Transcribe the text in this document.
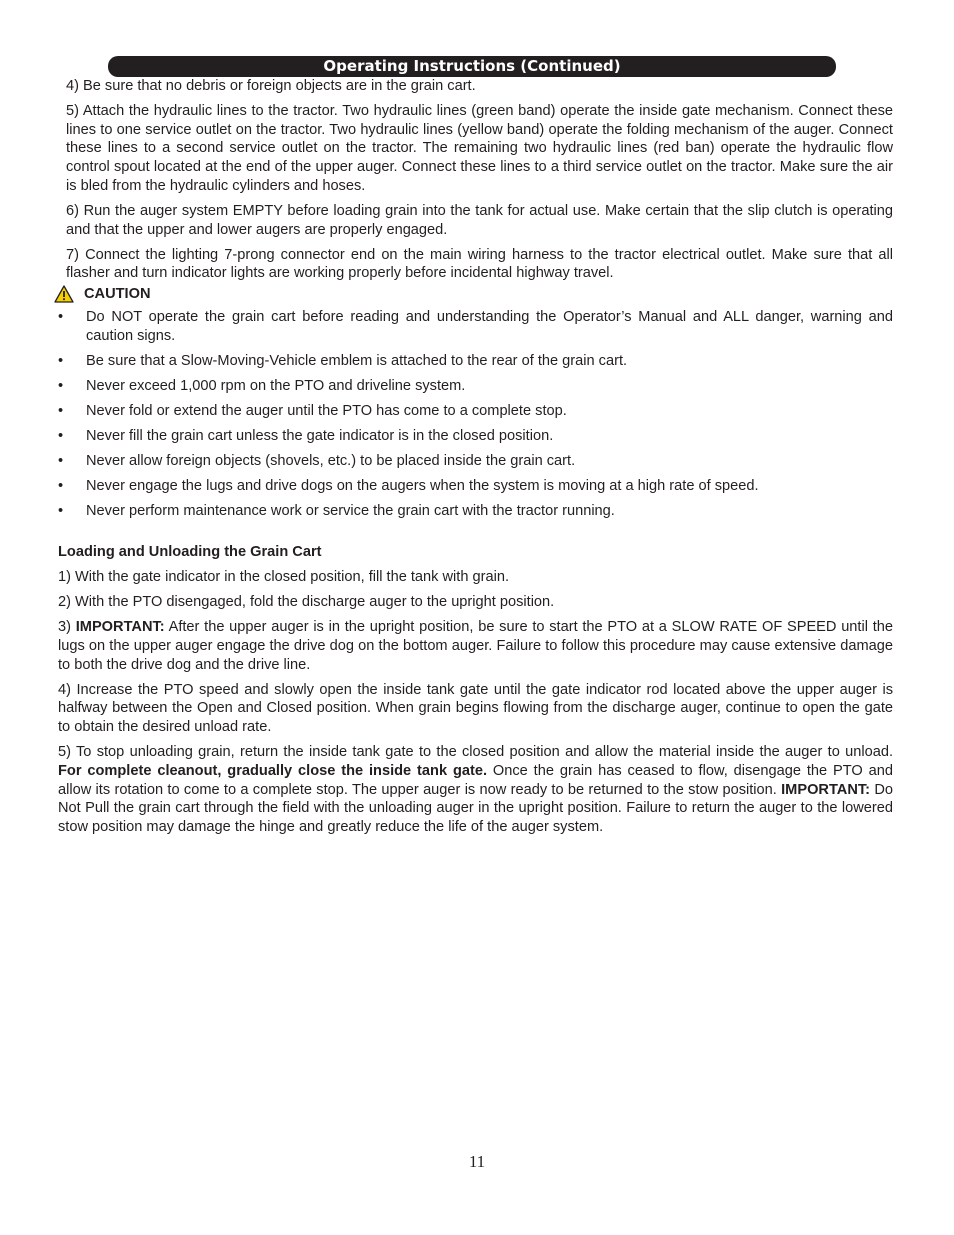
Operating Instructions (Continued)

4) Be sure that no debris or foreign objects are in the grain cart.

5) Attach the hydraulic lines to the tractor. Two hydraulic lines (green band) operate the inside gate mechanism. Connect these lines to one service outlet on the tractor. Two hydraulic lines (yellow band) operate the folding mechanism of the auger. Connect these lines to a second service outlet on the tractor. The remaining two hydraulic lines (red ban) operate the hydraulic flow control spout located at the end of the upper auger. Connect these lines to a third service outlet on the tractor. Make sure the air is bled from the hydraulic cylinders and hoses.

6) Run the auger system EMPTY before loading grain into the tank for actual use. Make certain that the slip clutch is operating and that the upper and lower augers are properly engaged.

7) Connect the lighting 7-prong connector end on the main wiring harness to the tractor electrical outlet. Make sure that all flasher and turn indicator lights are working properly before incidental highway travel.

CAUTION
• Do NOT operate the grain cart before reading and understanding the Operator’s Manual and ALL danger, warning and caution signs.
• Be sure that a Slow-Moving-Vehicle emblem is attached to the rear of the grain cart.
• Never exceed 1,000 rpm on the PTO and driveline system.
• Never fold or extend the auger until the PTO has come to a complete stop.
• Never fill the grain cart unless the gate indicator is in the closed position.
• Never allow foreign objects (shovels, etc.) to be placed inside the grain cart.
• Never engage the lugs and drive dogs on the augers when the system is moving at a high rate of speed.
• Never perform maintenance work or service the grain cart with the tractor running.

Loading and Unloading the Grain Cart

1) With the gate indicator in the closed position, fill the tank with grain.

2) With the PTO disengaged, fold the discharge auger to the upright position.

3) IMPORTANT: After the upper auger is in the upright position, be sure to start the PTO at a SLOW RATE OF SPEED until the lugs on the upper auger engage the drive dog on the bottom auger. Failure to follow this procedure may cause extensive damage to both the drive dog and the drive line.

4) Increase the PTO speed and slowly open the inside tank gate until the gate indicator rod located above the upper auger is halfway between the Open and Closed position. When grain begins flowing from the discharge auger, continue to open the gate to obtain the desired unload rate.

5) To stop unloading grain, return the inside tank gate to the closed position and allow the material inside the auger to unload. For complete cleanout, gradually close the inside tank gate. Once the grain has ceased to flow, disengage the PTO and allow its rotation to come to a complete stop. The upper auger is now ready to be returned to the stow position. IMPORTANT: Do Not Pull the grain cart through the field with the unloading auger in the upright position. Failure to return the auger to the lowered stow position may damage the hinge and greatly reduce the life of the auger system.

11
